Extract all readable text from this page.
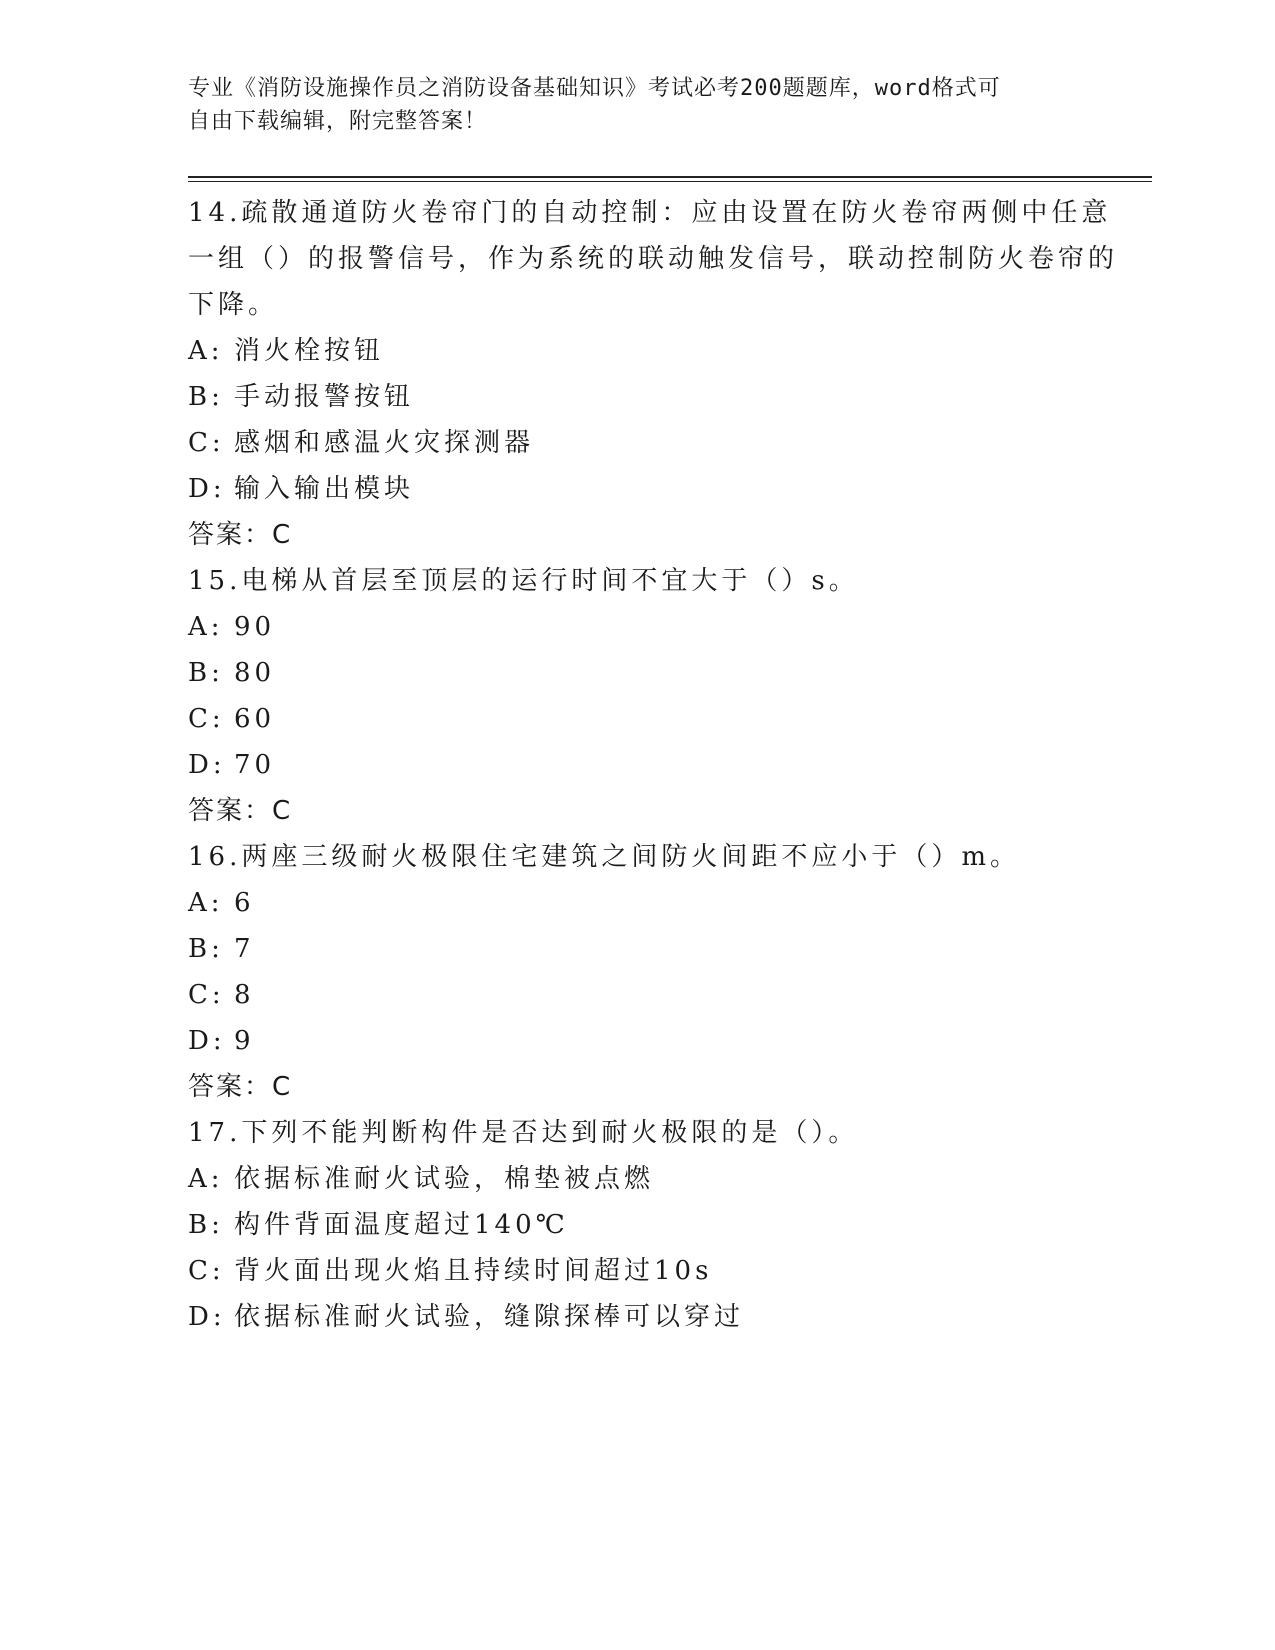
专业《消防设施操作员之消防设备基础知识》考试必考200题题库，word格式可
自由下载编辑，附完整答案！
14.疏散通道防火卷帘门的自动控制：应由设置在防火卷帘两侧中任意一组（）的报警信号，作为系统的联动触发信号，联动控制防火卷帘的下降。
A: 消火栓按钮
B: 手动报警按钮
C: 感烟和感温火灾探测器
D: 输入输出模块
答案：C
15.电梯从首层至顶层的运行时间不宜大于（）s。
A: 90
B: 80
C: 60
D: 70
答案：C
16.两座三级耐火极限住宅建筑之间防火间距不应小于（）m。
A: 6
B: 7
C: 8
D: 9
答案：C
17.下列不能判断构件是否达到耐火极限的是（）。
A: 依据标准耐火试验，棉垫被点燃
B: 构件背面温度超过140℃
C: 背火面出现火焰且持续时间超过10s
D: 依据标准耐火试验，缝隙探棒可以穿过
